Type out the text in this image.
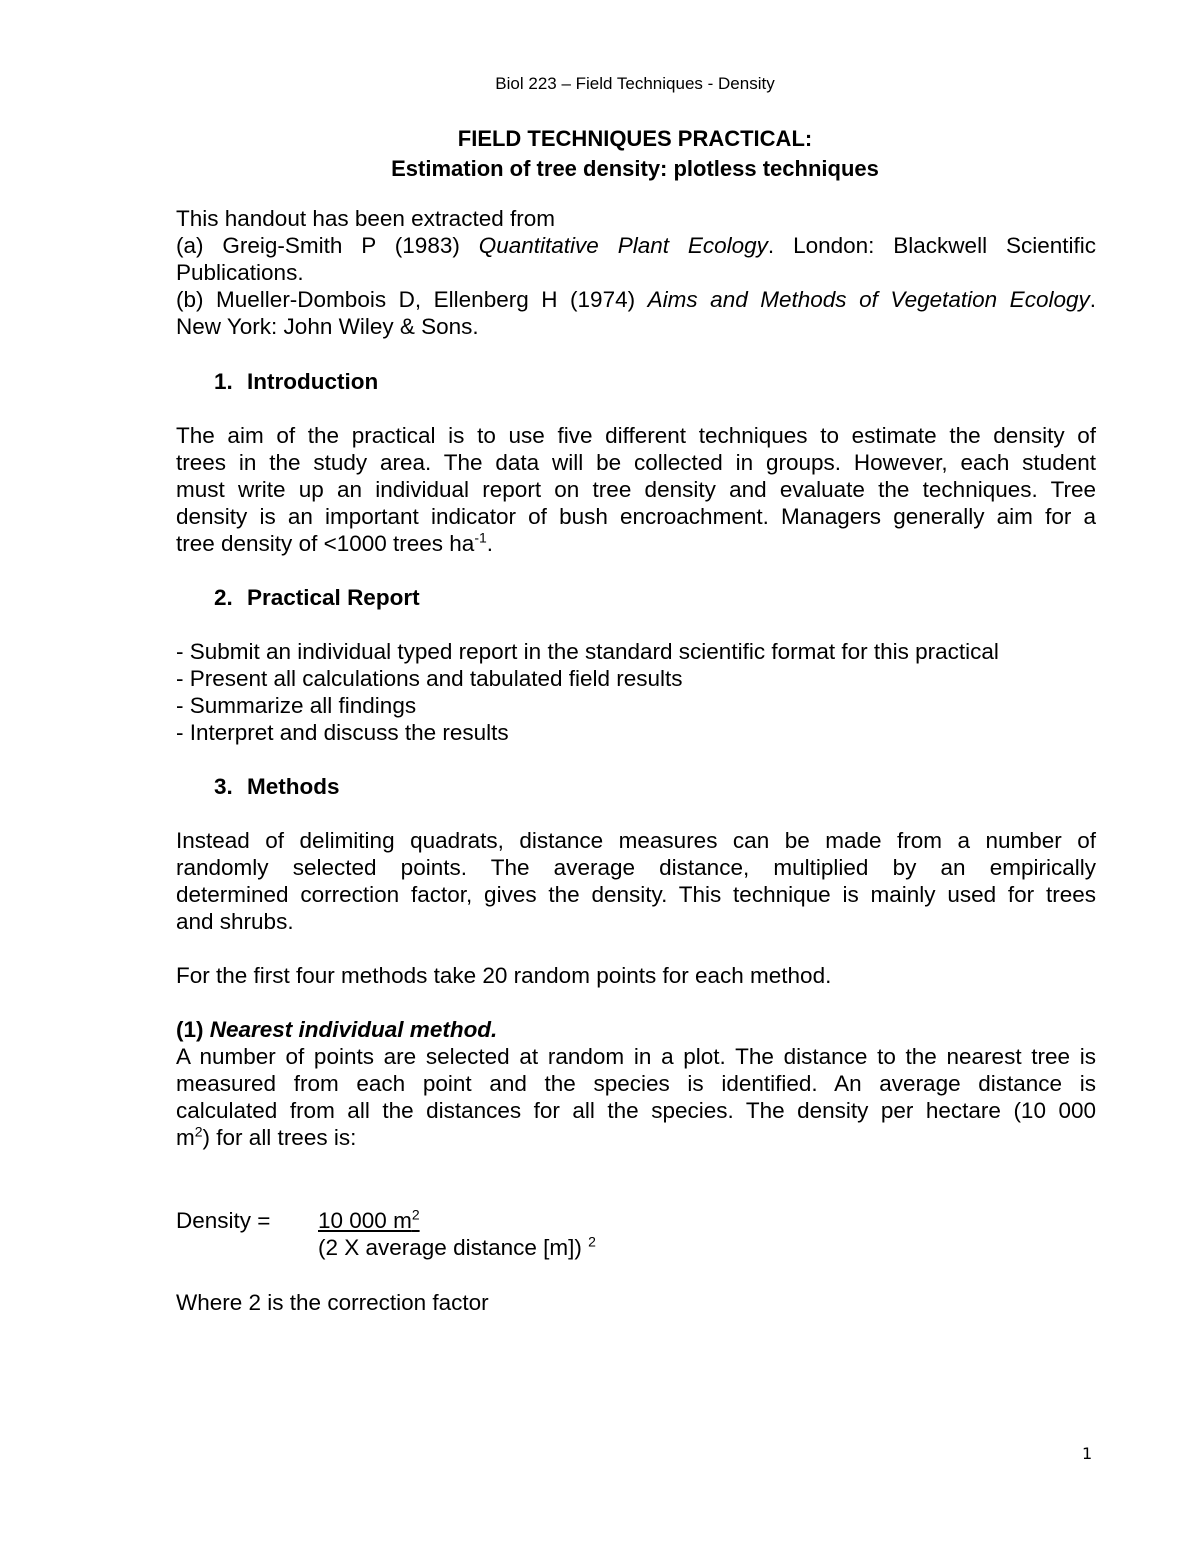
Biol 223 – Field Techniques - Density
FIELD TECHNIQUES PRACTICAL:
Estimation of tree density: plotless techniques
This handout has been extracted from
(a) Greig-Smith P (1983) Quantitative Plant Ecology. London: Blackwell Scientific
Publications.
(b) Mueller-Dombois D, Ellenberg H (1974) Aims and Methods of Vegetation Ecology.
New York: John Wiley & Sons.
1. Introduction
The aim of the practical is to use five different techniques to estimate the density of
trees in the study area. The data will be collected in groups. However, each student
must write up an individual report on tree density and evaluate the techniques. Tree
density is an important indicator of bush encroachment. Managers generally aim for a
tree density of <1000 trees $ha^{-1}$.
2. Practical Report
- Submit an individual typed report in the standard scientific format for this practical
- Present all calculations and tabulated field results
- Summarize all findings
- Interpret and discuss the results
3. Methods
Instead of delimiting quadrats, distance measures can be made from a number of
randomly selected points. The average distance, multiplied by an empirically
determined correction factor, gives the density. This technique is mainly used for trees
and shrubs.
For the first four methods take 20 random points for each method.
(1) Nearest individual method.
A number of points are selected at random in a plot. The distance to the nearest tree is
measured from each point and the species is identified. An average distance is
calculated from all the distances for all the species. The density per hectare (10 000
$m^2$) for all trees is:
Density = 10 000 $m^2$
(2 X average distance [m]) $^2$
Where 2 is the correction factor
1
